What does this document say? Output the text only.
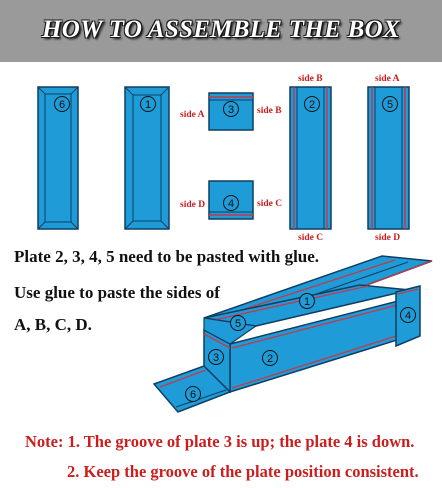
HOW TO ASSEMBLE THE BOX
6	1	3
4
2	5
side A	side B
side D	side C
side B
side C
side A
side D
1
5
3	2
4
6
Plate 2, 3, 4, 5 need to be pasted with glue.
Use glue to paste the sides of
A, B, C, D.
Note: 1. The groove of plate 3 is up; the plate 4 is down.
2. Keep the groove of the plate position consistent.
